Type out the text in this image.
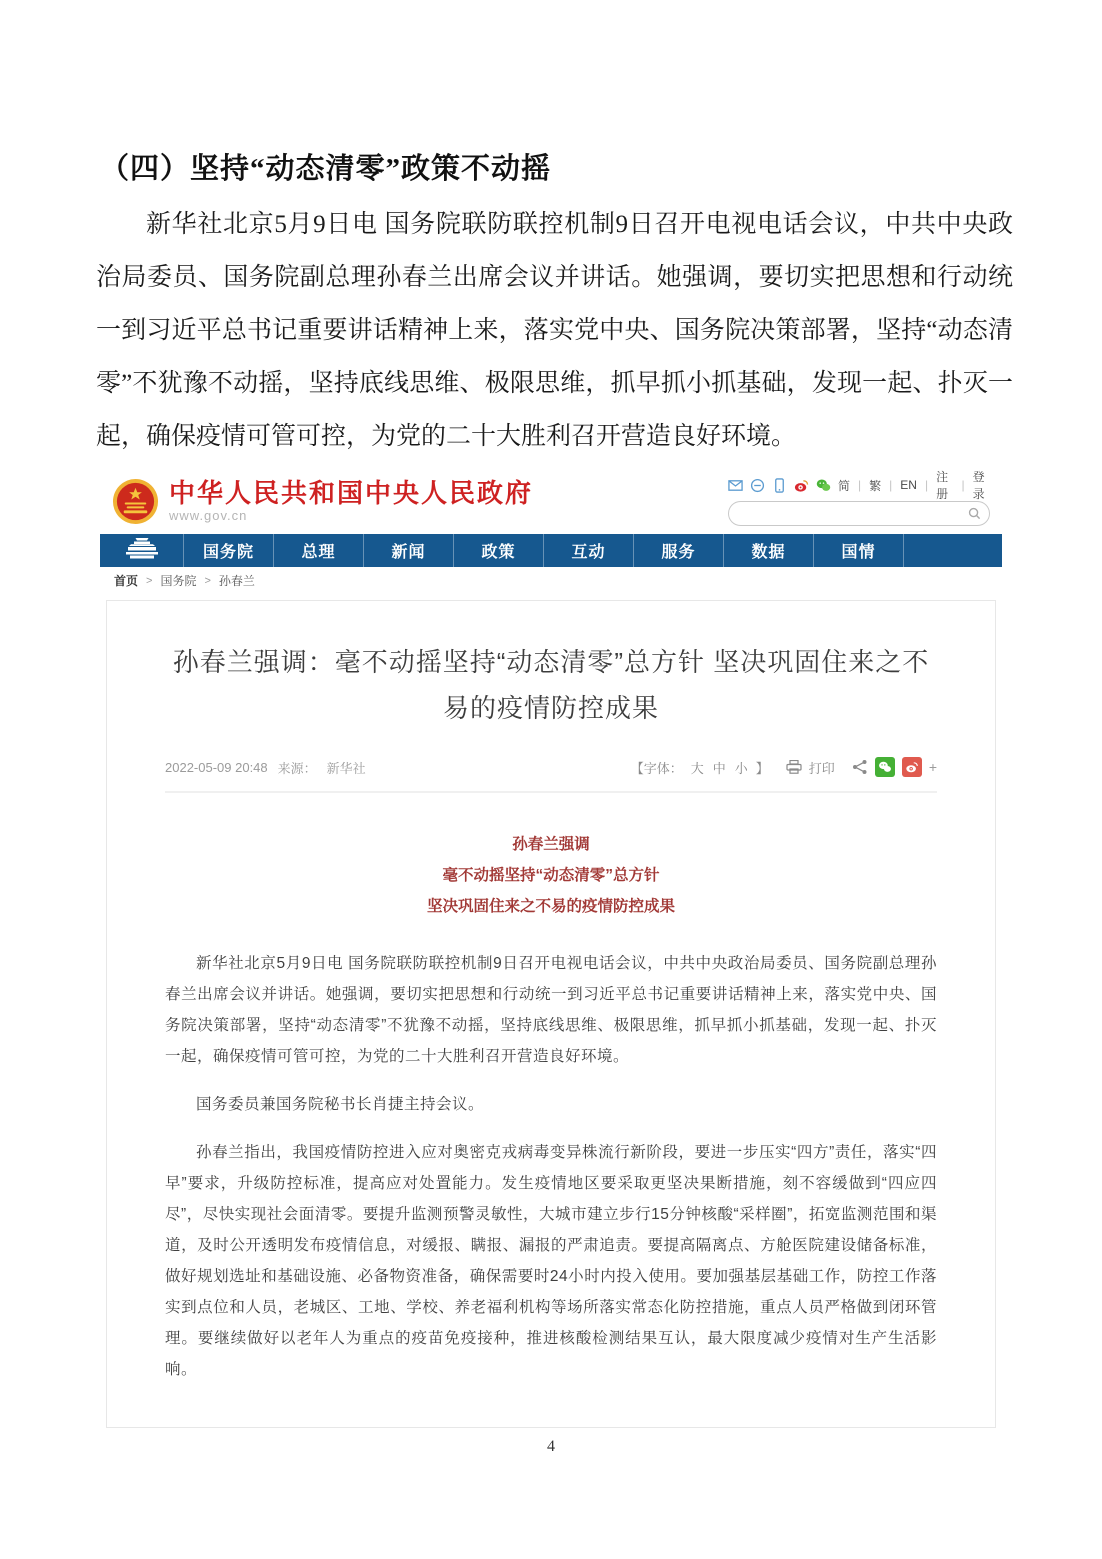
（四）坚持“动态清零”政策不动摇

新华社北京5月9日电 国务院联防联控机制9日召开电视电话会议，中共中央政治局委员、国务院副总理孙春兰出席会议并讲话。她强调，要切实把思想和行动统一到习近平总书记重要讲话精神上来，落实党中央、国务院决策部署，坚持“动态清零”不犹豫不动摇，坚持底线思维、极限思维，抓早抓小抓基础，发现一起、扑灭一起，确保疫情可管可控，为党的二十大胜利召开营造良好环境。

中华人民共和国中央人民政府
www.gov.cn
简 | 繁 | EN |
注册
|
登录
国务院	总理	新闻	政策	互动	服务	数据	国情
首页 > 国务院 > 孙春兰
孙春兰强调：毫不动摇坚持“动态清零”总方针 坚决巩固住来之不易的疫情防控成果
2022-05-09 20:48 来源： 新华社	【字体： 大 中 小 】	打印	+
孙春兰强调
毫不动摇坚持“动态清零”总方针
坚决巩固住来之不易的疫情防控成果

新华社北京5月9日电 国务院联防联控机制9日召开电视电话会议，中共中央政治局委员、国务院副总理孙春兰出席会议并讲话。她强调，要切实把思想和行动统一到习近平总书记重要讲话精神上来，落实党中央、国务院决策部署，坚持“动态清零”不犹豫不动摇，坚持底线思维、极限思维，抓早抓小抓基础，发现一起、扑灭一起，确保疫情可管可控，为党的二十大胜利召开营造良好环境。

国务委员兼国务院秘书长肖捷主持会议。

孙春兰指出，我国疫情防控进入应对奥密克戎病毒变异株流行新阶段，要进一步压实“四方”责任，落实“四早”要求，升级防控标准，提高应对处置能力。发生疫情地区要采取更坚决果断措施，刻不容缓做到“四应四尽”，尽快实现社会面清零。要提升监测预警灵敏性，大城市建立步行15分钟核酸“采样圈”，拓宽监测范围和渠道，及时公开透明发布疫情信息，对缓报、瞒报、漏报的严肃追责。要提高隔离点、方舱医院建设储备标准，做好规划选址和基础设施、必备物资准备，确保需要时24小时内投入使用。要加强基层基础工作，防控工作落实到点位和人员，老城区、工地、学校、养老福利机构等场所落实常态化防控措施，重点人员严格做到闭环管理。要继续做好以老年人为重点的疫苗免疫接种，推进核酸检测结果互认，最大限度减少疫情对生产生活影响。

4
